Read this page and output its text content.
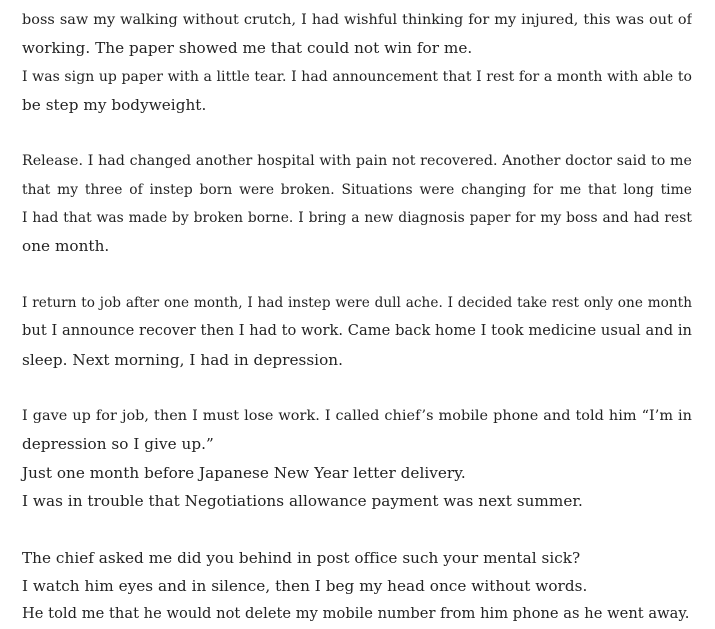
boss saw my walking without crutch, I had wishful thinking for my injured, this was out of
working. The paper showed me that could not win for me.
I was sign up paper with a little tear. I had announcement that I rest for a month with able to
be step my bodyweight.
Release. I had changed another hospital with pain not recovered. Another doctor said to me
that my three of instep born were broken. Situations were changing for me that long time
I had that was made by broken borne. I bring a new diagnosis paper for my boss and had rest
one month.
I return to job after one month, I had instep were dull ache. I decided take rest only one month
but I announce recover then I had to work. Came back home I took medicine usual and in
sleep. Next morning, I had in depression.
I gave up for job, then I must lose work. I called chief’s mobile phone and told him “I’m in
depression so I give up.”
Just one month before Japanese New Year letter delivery.
I was in trouble that Negotiations allowance payment was next summer.
The chief asked me did you behind in post office such your mental sick?
I watch him eyes and in silence, then I beg my head once without words.
He told me that he would not delete my mobile number from him phone as he went away.
